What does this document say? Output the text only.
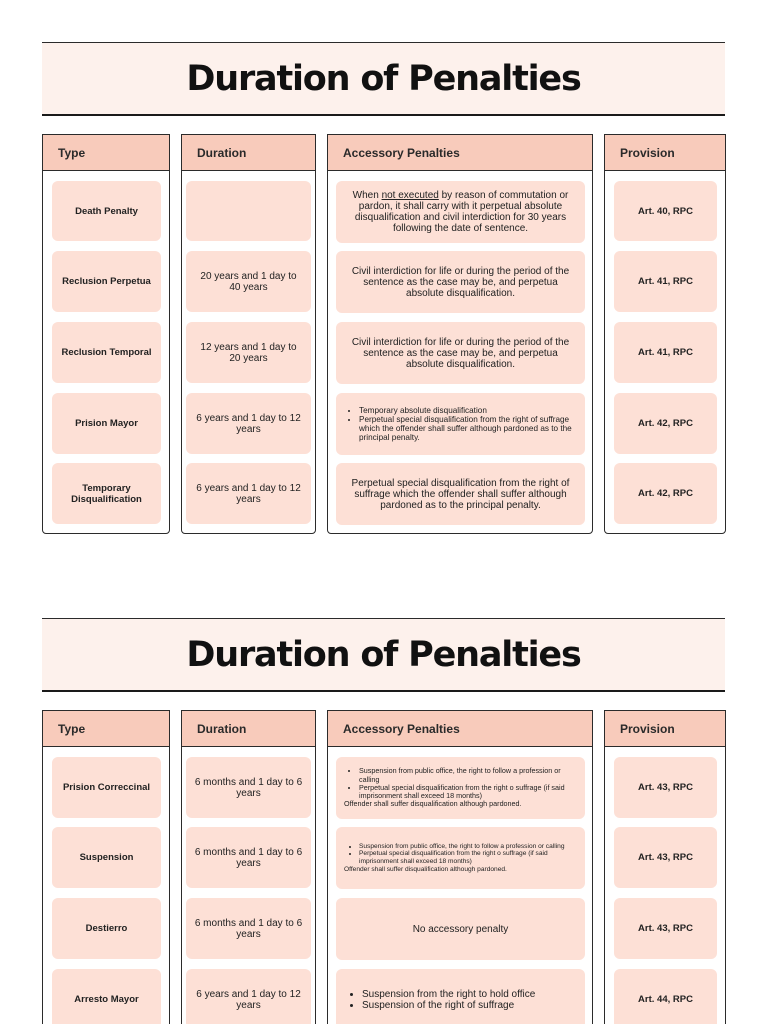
Duration of Penalties
Type
Death Penalty
Reclusion Perpetua
Reclusion Temporal
Prision Mayor
Temporary Disqualification
Duration
20 years and 1 day to 40 years
12 years and 1 day to 20 years
6 years and 1 day to 12 years
6 years and 1 day to 12 years
Accessory Penalties
When not executed by reason of commutation or pardon, it shall carry with it perpetual absolute disqualification and civil interdiction for 30 years following the date of sentence.
Civil interdiction for life or during the period of the sentence as the case may be, and perpetua absolute disqualification.
Civil interdiction for life or during the period of the sentence as the case may be, and perpetua absolute disqualification.
• Temporary absolute disqualification
• Perpetual special disqualification from the right of suffrage which the offender shall suffer although pardoned as to the principal penalty.
Perpetual special disqualification from the right of suffrage which the offender shall suffer although pardoned as to the principal penalty.
Provision
Art. 40, RPC
Art. 41, RPC
Art. 41, RPC
Art. 42, RPC
Art. 42, RPC
Duration of Penalties
Type
Prision Correccinal
Suspension
Destierro
Arresto Mayor
Duration
6 months and 1 day to 6 years
6 months and 1 day to 6 years
6 months and 1 day to 6 years
6 years and 1 day to 12 years
Accessory Penalties
• Suspension from public office, the right to follow a profession or calling
• Perpetual special disqualification from the right o suffrage (if said imprisonment shall exceed 18 months)
Offender shall suffer disqualification although pardoned.
• Suspension from public office, the right to follow a profession or calling
• Perpetual special disqualification from the right o suffrage (if said imprisonment shall exceed 18 months)
Offender shall suffer disqualification although pardoned.
No accessory penalty
• Suspension from the right to hold office
• Suspension of the right of suffrage
Provision
Art. 43, RPC
Art. 43, RPC
Art. 43, RPC
Art. 44, RPC
